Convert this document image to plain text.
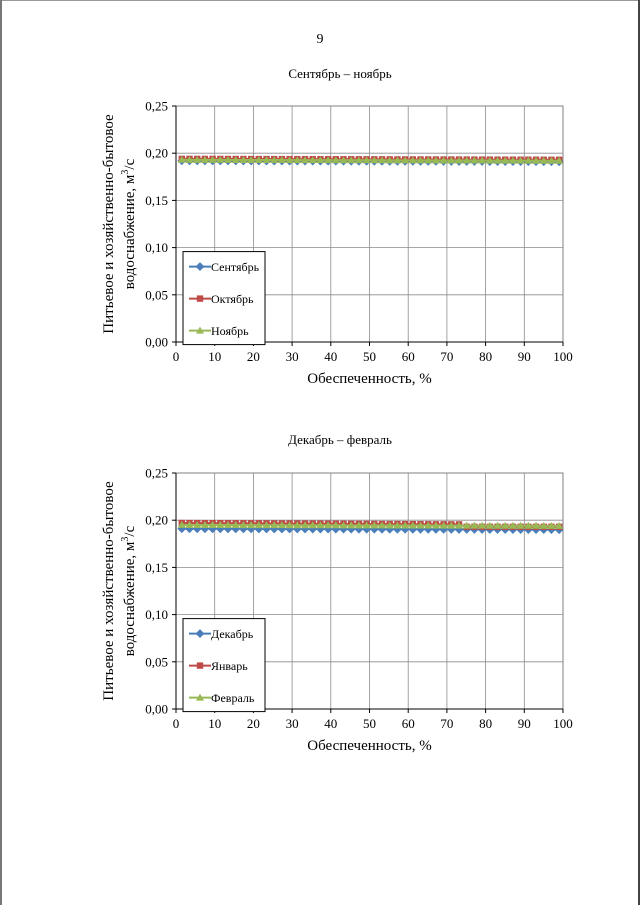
9
Сентябрь – ноябрь
0 10 20 30 40 50 60 70 80 90 100
0,00
0,05
0,10
0,15
0,20
0,25
Обеспеченность, %
Питьевое и хозяйственно-бытовое водоснабжение, $м^3/с$
Сентябрь
Октябрь
Ноябрь
Декабрь – февраль
0 10 20 30 40 50 60 70 80 90 100
0,00
0,05
0,10
0,15
0,20
0,25
Обеспеченность, %
Питьевое и хозяйственно-бытовое водоснабжение, $м^3/с$
Декабрь
Январь
Февраль
